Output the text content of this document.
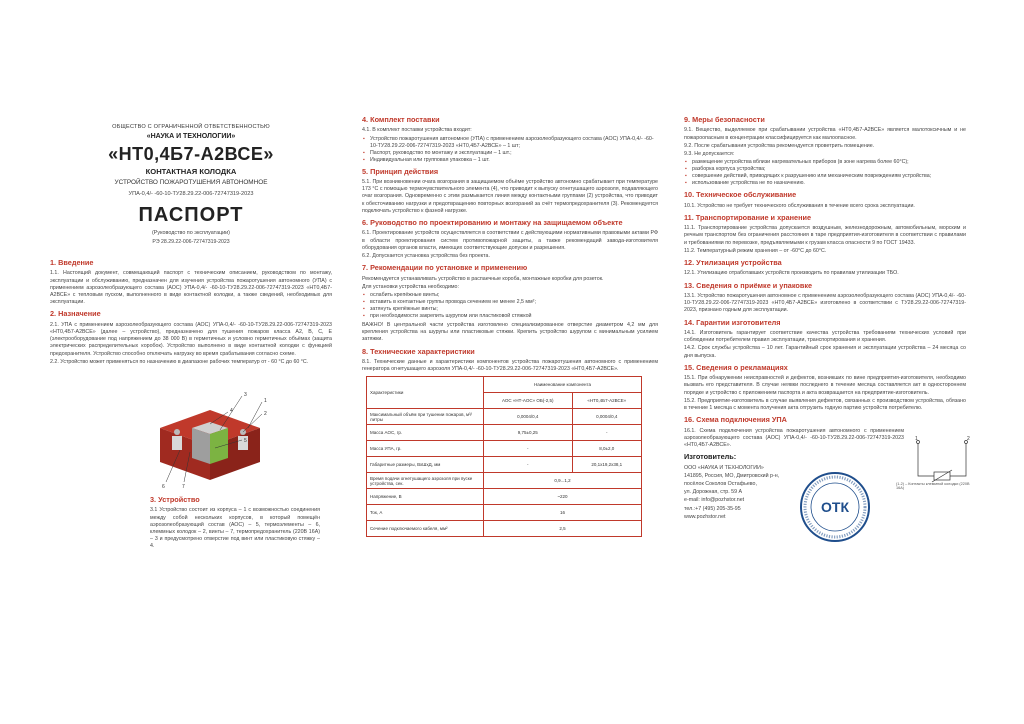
ОБЩЕСТВО С ОГРАНИЧЕННОЙ ОТВЕТСТВЕННОСТЬЮ
«НАУКА И ТЕХНОЛОГИИ»
«НТ0,4Б7-А2ВСЕ»
КОНТАКТНАЯ КОЛОДКА
УСТРОЙСТВО ПОЖАРОТУШЕНИЯ АВТОНОМНОЕ
УПА-0,4/- -60-10-ТУ28.29.22-006-72747319-2023
ПАСПОРТ
(Руководство по эксплуатации)
РЭ 28.29.22-006-72747319-2023
1. Введение
1.1. Настоящий документ, совмещающий паспорт с техническим описанием, руководством по монтажу, эксплуатации и обслуживанию, предназначен для изучения устройства пожаротушения автономного (УПА) с применением аэрозолеобразующего состава (АОС) УПА-0,4/- -60-10-ТУ28.29.22-006-72747319-2023 «НТ0,4Б7-А2ВСЕ» с тепловым пуском, выполненного в виде контактной колодки, а также сведений, необходимых для эксплуатации.
2. Назначение
2.1. УПА с применением аэрозолеобразующего состава (АОС) УПА-0,4/- -60-10-ТУ28.29.22-006-72747319-2023 «НТ0,4Б7-А2ВСЕ» (далее – устройство), предназначено для тушения пожаров класса А2, В, С, Е (электрооборудование под напряжением до 38 000 В) в герметичных и условно герметичных объёмах (защита электрических распределительных коробок). Устройство выполнено в виде контактной колодки с функцией предохранителя. Устройство способно отключать нагрузку во время срабатывания согласно схеме.
2.2. Устройство может применяться по назначению в диапазоне рабочих температур от - 60 °С до 60 °С.
1
2
3
4
5
6	7
3. Устройство
3.1 Устройство состоит из корпуса – 1 с возможностью соединения между собой нескольких корпусов, в который помещён аэрозолеобразующий состав (АОС) – 5, термоэлементы – 6, клеммных колодок – 2, винты – 7, термопредохранитель (220В 16А) – 3 и предусмотрено отверстие под винт или пластиковую стяжку – 4.
4. Комплект поставки
4.1. В комплект поставки устройства входит:
▪ Устройство пожаротушения автономное (УПА) с применением аэрозолеобразующего состава (АОС) УПА-0,4/- -60-10-ТУ28.29.22-006-72747319-2023 «НТ0,4Б7-А2ВСЕ» – 1 шт;
▪ Паспорт, руководство по монтажу и эксплуатации – 1 шт.;
▪ Индивидуальная или групповая упаковка – 1 шт.
5. Принцип действия
5.1. При возникновении очага возгорания в защищаемом объёме устройство автономно срабатывает при температуре 173 °С с помощью термочувствительного элемента (4), что приводит к выпуску огнетушащего аэрозоля, подавляющего очаг возгорания. Одновременно с этим размыкается линия между контактными группами (2) устройства, что приводит к обесточиванию нагрузки и предотвращению повторных возгораний за счёт термопредохранителя (3). Рекомендуется подключать устройство к фазной нагрузке.
6. Руководство по проектированию и монтажу на защищаемом объекте
6.1. Проектирование устройств осуществляется в соответствии с действующими нормативными правовыми актами РФ в области проектирования систем противопожарной защиты, а также рекомендаций завода-изготовителя оборудования органов власти, имеющих соответствующие допуски и разрешения.
6.2. Допускается установка устройства без проекта.
7. Рекомендации по установке и применению
Рекомендуется устанавливать устройство в распаечные короба, монтажные коробки для розеток.
Для установки устройства необходимо:
▪ ослабить крепёжные винты;
▪ вставить в контактные группы провода сечением не менее 2,5 мм²;
▪ затянуть крепёжные винты;
▪ при необходимости закрепить шурупом или пластиковой стяжкой
ВАЖНО! В центральной части устройства изготовлено специализированное отверстие диаметром 4,2 мм для крепления устройства на шурупы или пластиковые стяжки. Крепить устройство шурупом с минимальным усилием затяжки.
8. Технические характеристики
8.1. Технические данные и характеристики компонентов устройства пожаротушения автономного с применением генератора огнетушащего аэрозоля УПА-0,4/- -60-10-ТУ28.29.22-006-72747319-2023 «НТ0,4Б7-А2ВСЕ».
Характеристики	Наименование компонента	
	АОС «НТ-АОС» ОБ(-2,5)	«НТ0,4Б7-А2ВСЕ»
Максимальный объём при тушении пожаров, м³/литры	0,0004/0,4	0,0004/0,4
Масса АОС, гр.	9,75±0,25	-
Масса УПА, гр.	-	8,0±2,0
Габаритные размеры, ВхШхД, мм	-	20,1х19,2х38,1
Время подачи огнетушащего аэрозоля при пуске устройства, сек.	0,9...1,2	
Напряжение, В	~220	
Ток, А	16	
Сечение подключаемого кабеля, мм²	2,5	
9. Меры безопасности
9.1. Вещество, выделяемое при срабатывании устройства «НТ0,4Б7-А2ВСЕ» является малотоксичным и не пожароопасным в концентрации классифицируется как малоопасное.
9.2. После срабатывания устройства рекомендуется проветрить помещение.
9.3. Не допускается:
▪ размещение устройства вблизи нагревательных приборов (в зоне нагрева более 60°С);
▪ разборка корпуса устройства;
▪ совершение действий, приводящих к разрушению или механическим повреждениям устройства;
▪ использование устройства не по назначению.
10. Техническое обслуживание
10.1. Устройство не требует технического обслуживания в течение всего срока эксплуатации.
11. Транспортирование и хранение
11.1. Транспортирование устройства допускается воздушным, железнодорожным, автомобильным, морским и речным транспортом без ограничения расстояния в таре предприятия-изготовителя в соответствии с правилами и требованиями по перевозке, предъявляемыми к грузам класса опасности 9 по ГОСТ 19433.
11.2. Температурный режим хранения – от -60°С до 60°С.
12. Утилизация устройства
12.1. Утилизацию отработавших устройств производить по правилам утилизации ТБО.
13. Сведения о приёмке и упаковке
13.1. Устройство пожаротушения автономное с применением аэрозолеобразующего состава (АОС) УПА-0,4/- -60-10-ТУ28.29.22-006-72747319-2023 «НТ0,4Б7-А2ВСЕ» изготовлено в соответствии с ТУ28.29.22-006-72747319-2023, признано годным для эксплуатации.
14. Гарантии изготовителя
14.1. Изготовитель гарантирует соответствие качества устройства требованиям технических условий при соблюдении потребителем правил эксплуатации, транспортирования и хранения.
14.2. Срок службы устройства – 10 лет. Гарантийный срок хранения и эксплуатации устройства – 24 месяца со дня выпуска.
15. Сведения о рекламациях
15.1. При обнаружении неисправностей и дефектов, возникших по вине предприятия-изготовителя, необходимо вызвать его представителя. В случае неявки последнего в течение месяца составляется акт в одностороннем порядке и устройство с приложением паспорта и акта возвращается на предприятие-изготовитель.
15.2. Предприятие-изготовитель в случае выявления дефектов, связанных с производством устройства, обязано в течение 1 месяца с момента получения акта отгрузить годную партию устройств потребителю.
16. Схема подключения УПА
16.1. Схема подключения устройства пожаротушения автономного с применением аэрозолеобразующего состава (АОС) УПА-0,4/- -60-10-ТУ28.29.22-006-72747319-2023 «НТ0,4Б7-А2ВСЕ».
Изготовитель:
ООО «НАУКА И ТЕХНОЛОГИИ»
141895, Россия, МО, Дмитровский р-н,
посёлок Соколов Остафьево,
ул. Дорожная, стр. 59 А
e-mail: info@pozhstor.net
тел.:+7 (495) 205-35-95
www.pozhstor.net
1	2
(1-2) – Контакты клеммной колодки (220В 16А)
ОТК
